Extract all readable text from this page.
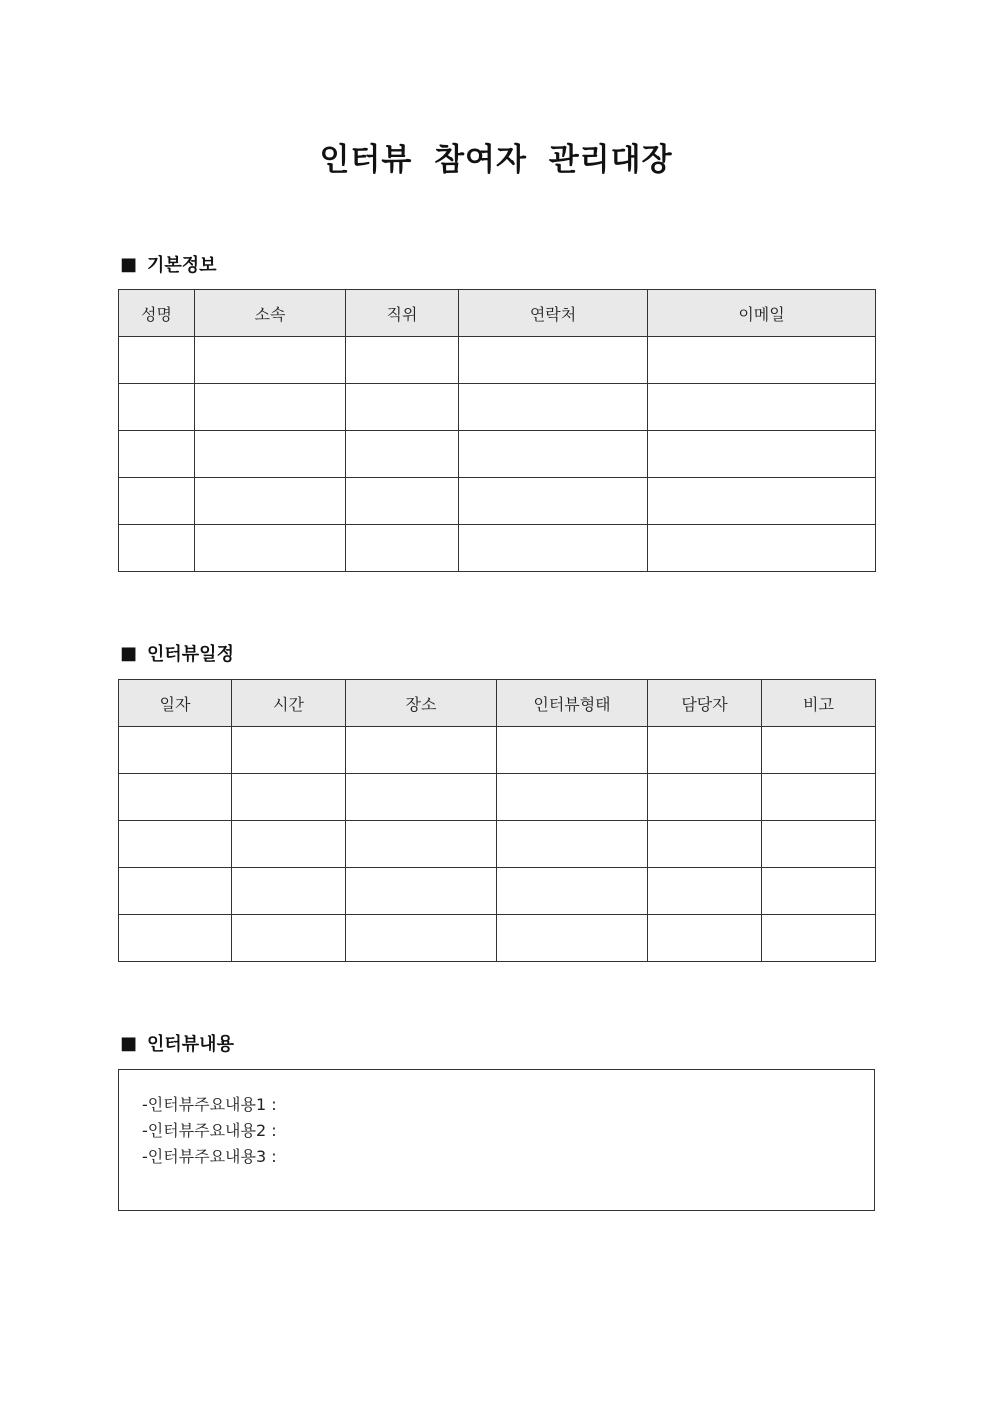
인터뷰 참여자 관리대장
■ 기본정보
성명	소속	직위	연락처	이메일

■ 인터뷰일정
일자	시간	장소	인터뷰형태	담당자	비고

■ 인터뷰내용
-인터뷰주요내용1 :
-인터뷰주요내용2 :
-인터뷰주요내용3 :
